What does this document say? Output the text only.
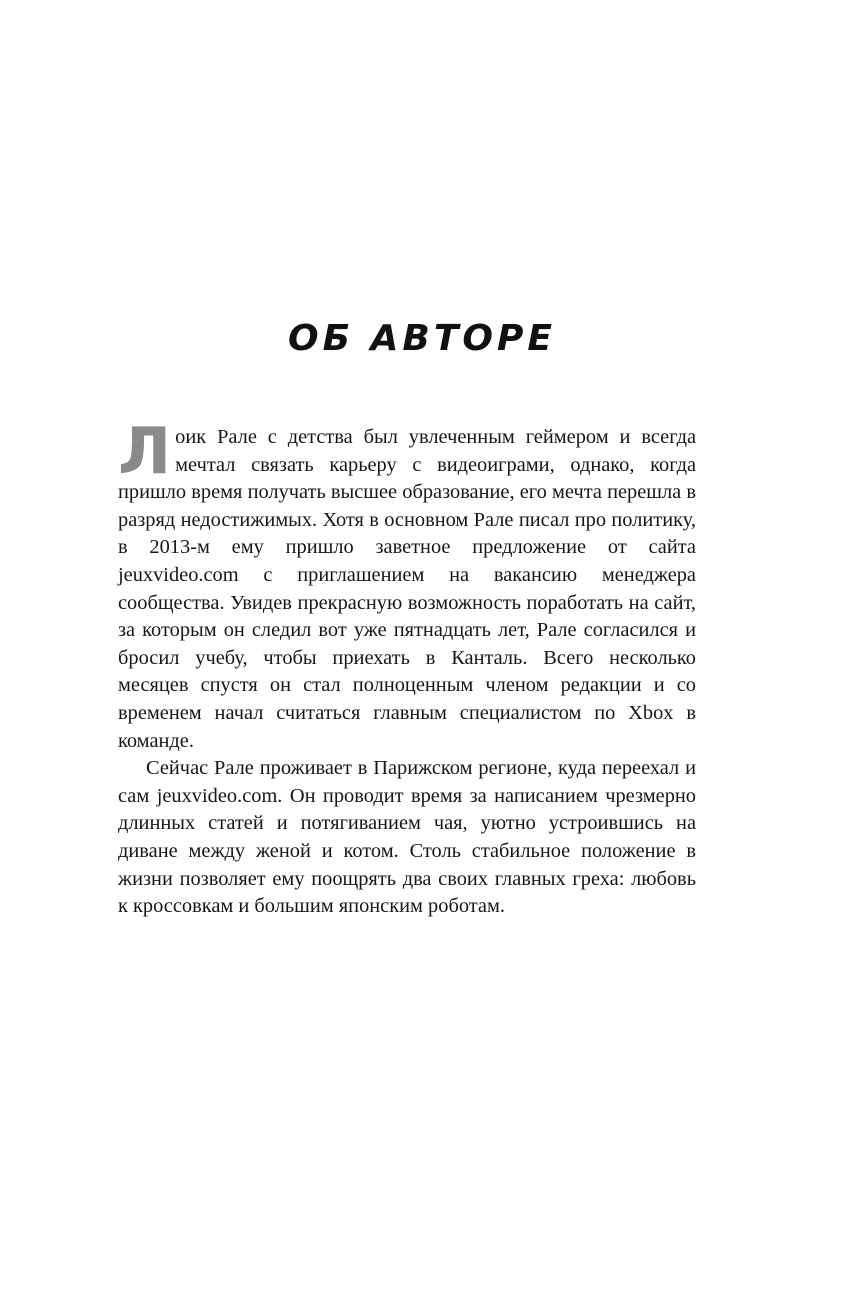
ОБ АВТОРЕ

Лоик Рале с детства был увлеченным геймером и всегда мечтал связать карьеру с видеоиграми, однако, когда пришло время получать высшее образование, его мечта перешла в разряд недостижимых. Хотя в основном Рале писал про политику, в 2013-м ему пришло заветное предложение от сайта jeuxvideo.com с приглашением на вакансию менеджера сообщества. Увидев прекрасную возможность поработать на сайт, за которым он следил вот уже пятнадцать лет, Рале согласился и бросил учебу, чтобы приехать в Канталь. Всего несколько месяцев спустя он стал полноценным членом редакции и со временем начал считаться главным специалистом по Xbox в команде.

Сейчас Рале проживает в Парижском регионе, куда переехал и сам jeuxvideo.com. Он проводит время за написанием чрезмерно длинных статей и потягиванием чая, уютно устроившись на диване между женой и котом. Столь стабильное положение в жизни позволяет ему поощрять два своих главных греха: любовь к кроссовкам и большим японским роботам.
